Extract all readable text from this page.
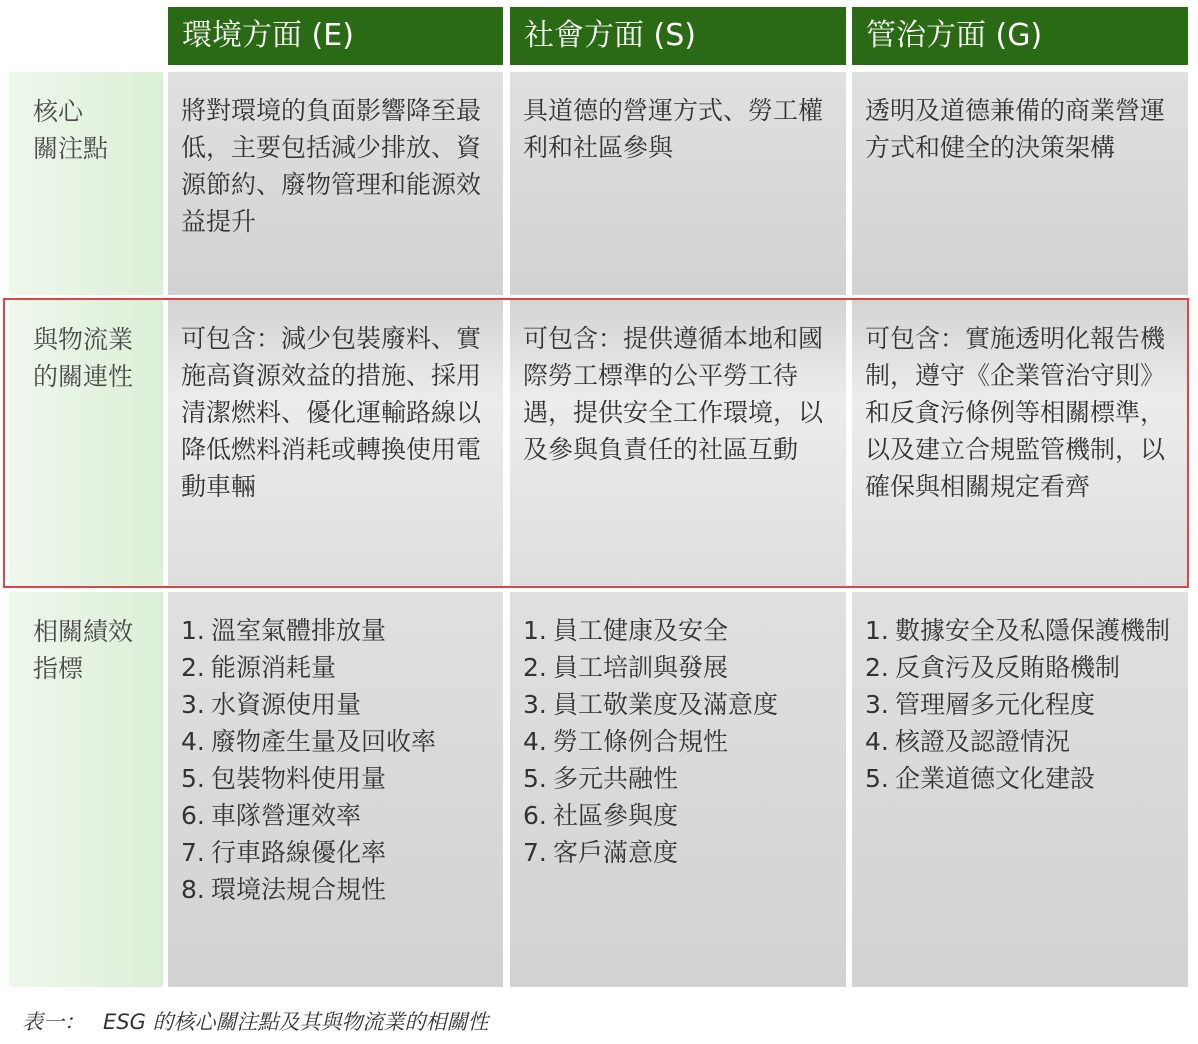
環境方面 (E)	社會方面 (S)	管治方面 (G)
核心
關注點
將對環境的負面影響降至最低，主要包括減少排放、資源節約、廢物管理和能源效益提升
具道德的營運方式、勞工權利和社區參與
透明及道德兼備的商業營運方式和健全的決策架構
與物流業
的關連性
可包含：減少包裝廢料、實施高資源效益的措施、採用清潔燃料、優化運輸路線以降低燃料消耗或轉換使用電動車輛
可包含：提供遵循本地和國際勞工標準的公平勞工待遇，提供安全工作環境，以及參與負責任的社區互動
可包含：實施透明化報告機制，遵守《企業管治守則》和反貪污條例等相關標準，以及建立合規監管機制，以確保與相關規定看齊
相關績效
指標
1. 溫室氣體排放量
2. 能源消耗量
3. 水資源使用量
4. 廢物產生量及回收率
5. 包裝物料使用量
6. 車隊營運效率
7. 行車路線優化率
8. 環境法規合規性
1. 員工健康及安全
2. 員工培訓與發展
3. 員工敬業度及滿意度
4. 勞工條例合規性
5. 多元共融性
6. 社區參與度
7. 客戶滿意度
1. 數據安全及私隱保護機制
2. 反貪污及反賄賂機制
3. 管理層多元化程度
4. 核證及認證情況
5. 企業道德文化建設
表一： ESG 的核心關注點及其與物流業的相關性
